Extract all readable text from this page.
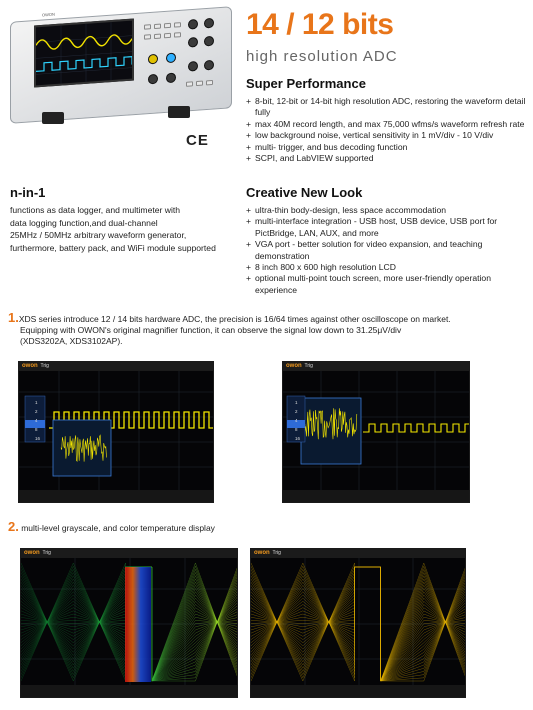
OWON
CE
14 / 12 bits
high resolution ADC
Super Performance
+ 8-bit, 12-bit or 14-bit high resolution ADC, restoring the waveform detail fully
+ max 40M record length, and max 75,000 wfms/s waveform refresh rate
+ low background noise, vertical sensitivity in 1 mV/div - 10 V/div
+ multi- trigger, and bus decoding function
+ SCPI, and LabVIEW supported
n-in-1
functions as data logger, and multimeter with
data logging function,and dual-channel
25MHz / 50MHz arbitrary waveform generator,
furthermore, battery pack, and WiFi module supported
Creative New Look
+ ultra-thin body-design, less space accommodation
+ multi-interface integration - USB host, USB device, USB port for PictBridge, LAN, AUX, and more
+ VGA port - better solution for video expansion, and teaching demonstration
+ 8 inch 800 x 600 high resolution LCD
+ optional multi-point touch screen, more user-friendly operation experience
1.XDS series introduce 12 / 14 bits hardware ADC, the precision is 16/64 times against other oscilloscope on market.
Equipping with OWON's original magnifier function, it can observe the signal low down to 31.25μV/div
(XDS3202A, XDS3102AP).
owon Trig
1
2
4
8
16
owon Trig
1
2
4
8
16
2. multi-level grayscale, and color temperature display
owon Trig	owon Trig
